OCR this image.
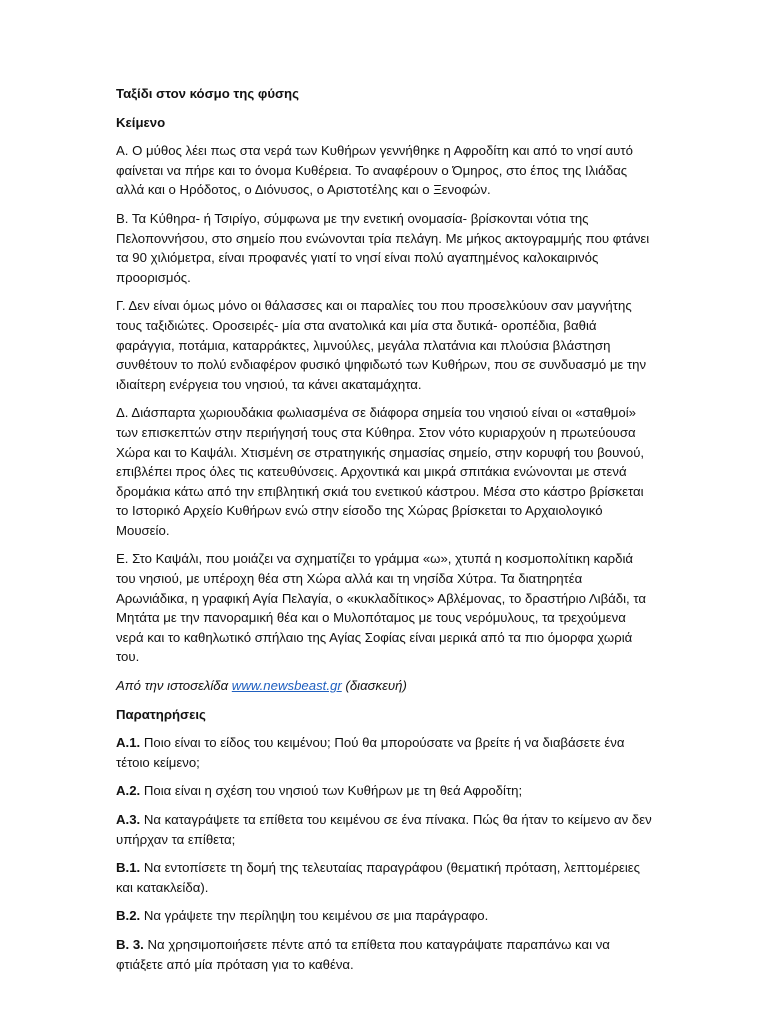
Ταξίδι στον κόσμο της φύσης

Κείμενο

Α. Ο μύθος λέει πως στα νερά των Κυθήρων γεννήθηκε η Αφροδίτη και από το νησί αυτό φαίνεται να πήρε και το όνομα Κυθέρεια. Το αναφέρουν ο Όμηρος, στο έπος της Ιλιάδας αλλά και ο Ηρόδοτος, ο Διόνυσος, ο Αριστοτέλης και ο Ξενοφών.

Β. Τα Κύθηρα- ή Τσιρίγο, σύμφωνα με την ενετική ονομασία- βρίσκονται νότια της Πελοποννήσου, στο σημείο που ενώνονται τρία πελάγη. Με μήκος ακτογραμμής που φτάνει τα 90 χιλιόμετρα, είναι προφανές γιατί το νησί είναι πολύ αγαπημένος καλοκαιρινός προορισμός.

Γ. Δεν είναι όμως μόνο οι θάλασσες και οι παραλίες του που προσελκύουν σαν μαγνήτης τους ταξιδιώτες. Οροσειρές- μία στα ανατολικά και μία στα δυτικά- οροπέδια, βαθιά φαράγγια, ποτάμια, καταρράκτες, λιμνούλες, μεγάλα πλατάνια και πλούσια βλάστηση συνθέτουν το πολύ ενδιαφέρον φυσικό ψηφιδωτό των Κυθήρων, που σε συνδυασμό με την ιδιαίτερη ενέργεια του νησιού, τα κάνει ακαταμάχητα.

Δ. Διάσπαρτα χωριουδάκια φωλιασμένα σε διάφορα σημεία του νησιού είναι οι «σταθμοί» των επισκεπτών στην περιήγησή τους στα Κύθηρα. Στον νότο κυριαρχούν η πρωτεύουσα Χώρα και το Καψάλι. Χτισμένη σε στρατηγικής σημασίας σημείο, στην κορυφή του βουνού, επιβλέπει προς όλες τις κατευθύνσεις. Αρχοντικά και μικρά σπιτάκια ενώνονται με στενά δρομάκια κάτω από την επιβλητική σκιά του ενετικού κάστρου. Μέσα στο κάστρο βρίσκεται το Ιστορικό Αρχείο Κυθήρων ενώ στην είσοδο της Χώρας βρίσκεται το Αρχαιολογικό Μουσείο.

Ε. Στο Καψάλι, που μοιάζει να σχηματίζει το γράμμα «ω», χτυπά η κοσμοπολίτικη καρδιά του νησιού, με υπέροχη θέα στη Χώρα αλλά και τη νησίδα Χύτρα. Τα διατηρητέα Αρωνιάδικα, η γραφική Αγία Πελαγία, ο «κυκλαδίτικος» Αβλέμονας, το δραστήριο Λιβάδι, τα Μητάτα με την πανοραμική θέα και ο Μυλοπόταμος με τους νερόμυλους, τα τρεχούμενα νερά και το καθηλωτικό σπήλαιο της Αγίας Σοφίας είναι μερικά από τα πιο όμορφα χωριά του.

Από την ιστοσελίδα www.newsbeast.gr (διασκευή)

Παρατηρήσεις

Α.1. Ποιο είναι το είδος του κειμένου; Πού θα μπορούσατε να βρείτε ή να διαβάσετε ένα τέτοιο κείμενο;

Α.2. Ποια είναι η σχέση του νησιού των Κυθήρων με τη θεά Αφροδίτη;

Α.3. Να καταγράψετε τα επίθετα του κειμένου σε ένα πίνακα. Πώς θα ήταν το κείμενο αν δεν υπήρχαν τα επίθετα;

Β.1. Να εντοπίσετε τη δομή της τελευταίας παραγράφου (θεματική πρόταση, λεπτομέρειες και κατακλείδα).

Β.2. Να γράψετε την περίληψη του κειμένου σε μια παράγραφο.

Β. 3. Να χρησιμοποιήσετε πέντε από τα επίθετα που καταγράψατε παραπάνω και να φτιάξετε από μία πρόταση για το καθένα.
